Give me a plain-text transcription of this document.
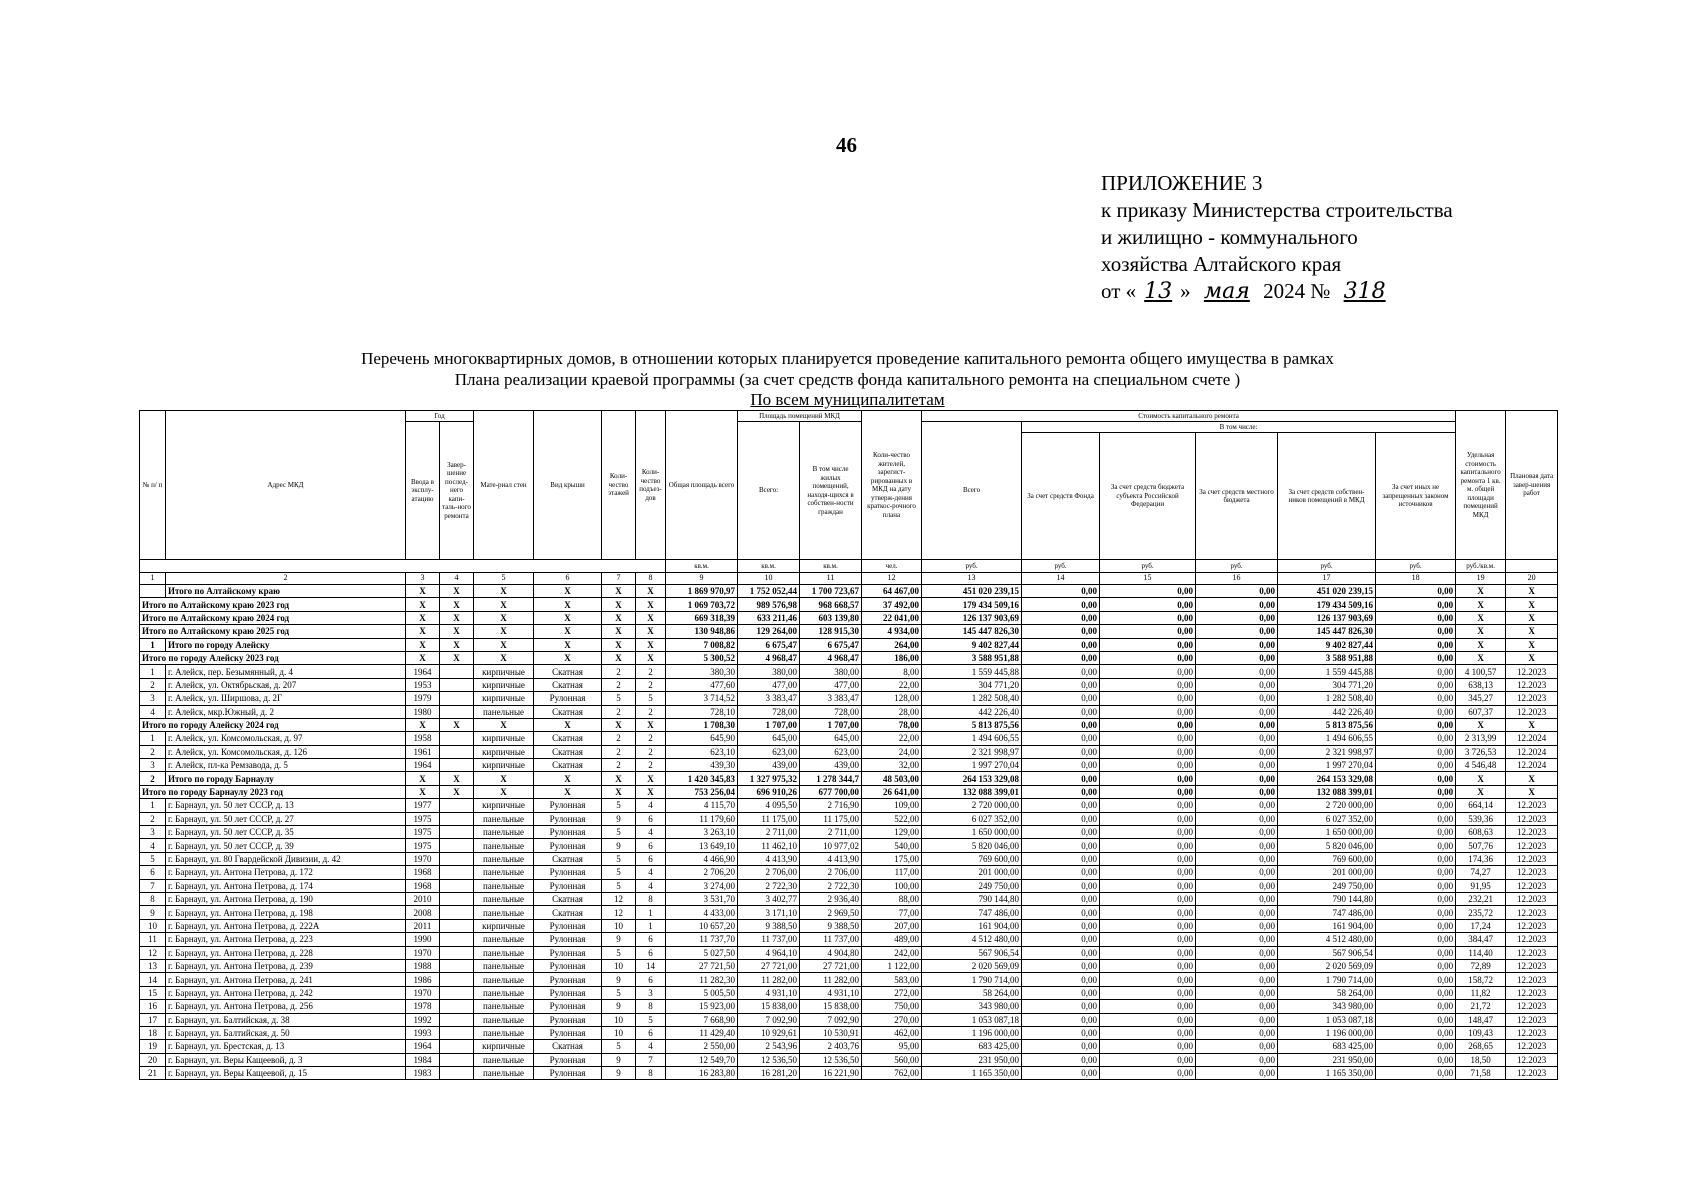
46
ПРИЛОЖЕНИЕ 3
к приказу Министерства строительства
и жилищно - коммунального
хозяйства Алтайского края
от « 13 » мая 2024 № 318
Перечень многоквартирных домов, в отношении которых планируется проведение капитального ремонта общего имущества в рамках
Плана реализации краевой программы (за счет средств фонда капитального ремонта на специальном счете )
По всем муниципалитетам
№ п/ п	Адрес МКД	Год		Мате-риал стен	Вид крыши	Коли-чество этажей	Коли-чество подъез-дов	Общая площадь всего	Площадь помещений МКД		Коли-чество жителей, зарегист-рированных в МКД на дату утверж-дения краткос-рочного плана	Стоимость капитального ремонта						Удельная стоимость капитального ремонта 1 кв. м. общей площади помещений МКД	Плановая дата завер-шения работ
		Ввода в эксплу-атацию	Завер-шение послед-него капи-таль-ного ремонта						Всего:	В том числе жилых помещений, находя-щихся в собствен-ности граждан		Всего	В том числе:						
													За счет средств Фонда	За счет средств бюджета субъекта Российской Федерации	За счет средств местного бюджета	За счет средств собствен-ников помещений в МКД	За счет иных не запрещенных законом источников		
								кв.м.	кв.м.	кв.м.	чел.	руб.	руб.	руб.	руб.	руб.	руб.	руб./кв.м.	
1	2	3	4	5	6	7	8	9	10	11	12	13	14	15	16	17	18	19	20
	Итого по Алтайскому краю	X	X	X	X	X	X	1 869 970,97	1 752 052,44	1 700 723,67	64 467,00	451 020 239,15	0,00	0,00	0,00	451 020 239,15	0,00	X	X
Итого по Алтайскому краю 2023 год		X	X	X	X	X	X	1 069 703,72	989 576,98	968 668,57	37 492,00	179 434 509,16	0,00	0,00	0,00	179 434 509,16	0,00	X	X
Итого по Алтайскому краю 2024 год		X	X	X	X	X	X	669 318,39	633 211,46	603 139,80	22 041,00	126 137 903,69	0,00	0,00	0,00	126 137 903,69	0,00	X	X
Итого по Алтайскому краю 2025 год		X	X	X	X	X	X	130 948,86	129 264,00	128 915,30	4 934,00	145 447 826,30	0,00	0,00	0,00	145 447 826,30	0,00	X	X
1	Итого по городу Алейску	X	X	X	X	X	X	7 008,82	6 675,47	6 675,47	264,00	9 402 827,44	0,00	0,00	0,00	9 402 827,44	0,00	X	X
Итого по городу Алейску 2023 год		X	X	X	X	X	X	5 300,52	4 968,47	4 968,47	186,00	3 588 951,88	0,00	0,00	0,00	3 588 951,88	0,00	X	X
1	г. Алейск, пер. Безымянный, д. 4	1964		кирпичные	Скатная	2	2	380,30	380,00	380,00	8,00	1 559 445,88	0,00	0,00	0,00	1 559 445,88	0,00	4 100,57	12.2023
2	г. Алейск, ул. Октябрьская, д. 207	1953		кирпичные	Скатная	2	2	477,60	477,00	477,00	22,00	304 771,20	0,00	0,00	0,00	304 771,20	0,00	638,13	12.2023
3	г. Алейск, ул. Ширшова, д. 2Г	1979		кирпичные	Рулонная	5	5	3 714,52	3 383,47	3 383,47	128,00	1 282 508,40	0,00	0,00	0,00	1 282 508,40	0,00	345,27	12.2023
4	г. Алейск, мкр.Южный, д. 2	1980		панельные	Скатная	2	2	728,10	728,00	728,00	28,00	442 226,40	0,00	0,00	0,00	442 226,40	0,00	607,37	12.2023
Итого по городу Алейску 2024 год		X	X	X	X	X	X	1 708,30	1 707,00	1 707,00	78,00	5 813 875,56	0,00	0,00	0,00	5 813 875,56	0,00	X	X
1	г. Алейск, ул. Комсомольская, д. 97	1958		кирпичные	Скатная	2	2	645,90	645,00	645,00	22,00	1 494 606,55	0,00	0,00	0,00	1 494 606,55	0,00	2 313,99	12.2024
2	г. Алейск, ул. Комсомольская, д. 126	1961		кирпичные	Скатная	2	2	623,10	623,00	623,00	24,00	2 321 998,97	0,00	0,00	0,00	2 321 998,97	0,00	3 726,53	12.2024
3	г. Алейск, пл-ка Ремзавода, д. 5	1964		кирпичные	Скатная	2	2	439,30	439,00	439,00	32,00	1 997 270,04	0,00	0,00	0,00	1 997 270,04	0,00	4 546,48	12.2024
2	Итого по городу Барнаулу	X	X	X	X	X	X	1 420 345,83	1 327 975,32	1 278 344,7	48 503,00	264 153 329,08	0,00	0,00	0,00	264 153 329,08	0,00	X	X
Итого по городу Барнаулу 2023 год		X	X	X	X	X	X	753 256,04	696 910,26	677 700,00	26 641,00	132 088 399,01	0,00	0,00	0,00	132 088 399,01	0,00	X	X
1	г. Барнаул, ул. 50 лет СССР, д. 13	1977		кирпичные	Рулонная	5	4	4 115,70	4 095,50	2 716,90	109,00	2 720 000,00	0,00	0,00	0,00	2 720 000,00	0,00	664,14	12.2023
2	г. Барнаул, ул. 50 лет СССР, д. 27	1975		панельные	Рулонная	9	6	11 179,60	11 175,00	11 175,00	522,00	6 027 352,00	0,00	0,00	0,00	6 027 352,00	0,00	539,36	12.2023
3	г. Барнаул, ул. 50 лет СССР, д. 35	1975		панельные	Рулонная	5	4	3 263,10	2 711,00	2 711,00	129,00	1 650 000,00	0,00	0,00	0,00	1 650 000,00	0,00	608,63	12.2023
4	г. Барнаул, ул. 50 лет СССР, д. 39	1975		панельные	Рулонная	9	6	13 649,10	11 462,10	10 977,02	540,00	5 820 046,00	0,00	0,00	0,00	5 820 046,00	0,00	507,76	12.2023
5	г. Барнаул, ул. 80 Гвардейской Дивизии, д. 42	1970		панельные	Скатная	5	6	4 466,90	4 413,90	4 413,90	175,00	769 600,00	0,00	0,00	0,00	769 600,00	0,00	174,36	12.2023
6	г. Барнаул, ул. Антона Петрова, д. 172	1968		панельные	Рулонная	5	4	2 706,20	2 706,00	2 706,00	117,00	201 000,00	0,00	0,00	0,00	201 000,00	0,00	74,27	12.2023
7	г. Барнаул, ул. Антона Петрова, д. 174	1968		панельные	Рулонная	5	4	3 274,00	2 722,30	2 722,30	100,00	249 750,00	0,00	0,00	0,00	249 750,00	0,00	91,95	12.2023
8	г. Барнаул, ул. Антона Петрова, д. 190	2010		панельные	Скатная	12	8	3 531,70	3 402,77	2 936,40	88,00	790 144,80	0,00	0,00	0,00	790 144,80	0,00	232,21	12.2023
9	г. Барнаул, ул. Антона Петрова, д. 198	2008		панельные	Скатная	12	1	4 433,00	3 171,10	2 969,50	77,00	747 486,00	0,00	0,00	0,00	747 486,00	0,00	235,72	12.2023
10	г. Барнаул, ул. Антона Петрова, д. 222А	2011		кирпичные	Рулонная	10	1	10 657,20	9 388,50	9 388,50	207,00	161 904,00	0,00	0,00	0,00	161 904,00	0,00	17,24	12.2023
11	г. Барнаул, ул. Антона Петрова, д. 223	1990		панельные	Рулонная	9	6	11 737,70	11 737,00	11 737,00	489,00	4 512 480,00	0,00	0,00	0,00	4 512 480,00	0,00	384,47	12.2023
12	г. Барнаул, ул. Антона Петрова, д. 228	1970		панельные	Рулонная	5	6	5 027,50	4 964,10	4 904,80	242,00	567 906,54	0,00	0,00	0,00	567 906,54	0,00	114,40	12.2023
13	г. Барнаул, ул. Антона Петрова, д. 239	1988		панельные	Рулонная	10	14	27 721,50	27 721,00	27 721,00	1 122,00	2 020 569,09	0,00	0,00	0,00	2 020 569,09	0,00	72,89	12.2023
14	г. Барнаул, ул. Антона Петрова, д. 241	1986		панельные	Рулонная	9	6	11 282,30	11 282,00	11 282,00	583,00	1 790 714,00	0,00	0,00	0,00	1 790 714,00	0,00	158,72	12.2023
15	г. Барнаул, ул. Антона Петрова, д. 242	1970		панельные	Рулонная	5	3	5 005,50	4 931,10	4 931,10	272,00	58 264,00	0,00	0,00	0,00	58 264,00	0,00	11,82	12.2023
16	г. Барнаул, ул. Антона Петрова, д. 256	1978		панельные	Рулонная	9	8	15 923,00	15 838,00	15 838,00	750,00	343 980,00	0,00	0,00	0,00	343 980,00	0,00	21,72	12.2023
17	г. Барнаул, ул. Балтийская, д. 38	1992		панельные	Рулонная	10	5	7 668,90	7 092,90	7 092,90	270,00	1 053 087,18	0,00	0,00	0,00	1 053 087,18	0,00	148,47	12.2023
18	г. Барнаул, ул. Балтийская, д. 50	1993		панельные	Рулонная	10	6	11 429,40	10 929,61	10 530,91	462,00	1 196 000,00	0,00	0,00	0,00	1 196 000,00	0,00	109,43	12.2023
19	г. Барнаул, ул. Брестская, д. 13	1964		кирпичные	Скатная	5	4	2 550,00	2 543,96	2 403,76	95,00	683 425,00	0,00	0,00	0,00	683 425,00	0,00	268,65	12.2023
20	г. Барнаул, ул. Веры Кащеевой, д. 3	1984		панельные	Рулонная	9	7	12 549,70	12 536,50	12 536,50	560,00	231 950,00	0,00	0,00	0,00	231 950,00	0,00	18,50	12.2023
21	г. Барнаул, ул. Веры Кащеевой, д. 15	1983		панельные	Рулонная	9	8	16 283,80	16 281,20	16 221,90	762,00	1 165 350,00	0,00	0,00	0,00	1 165 350,00	0,00	71,58	12.2023
